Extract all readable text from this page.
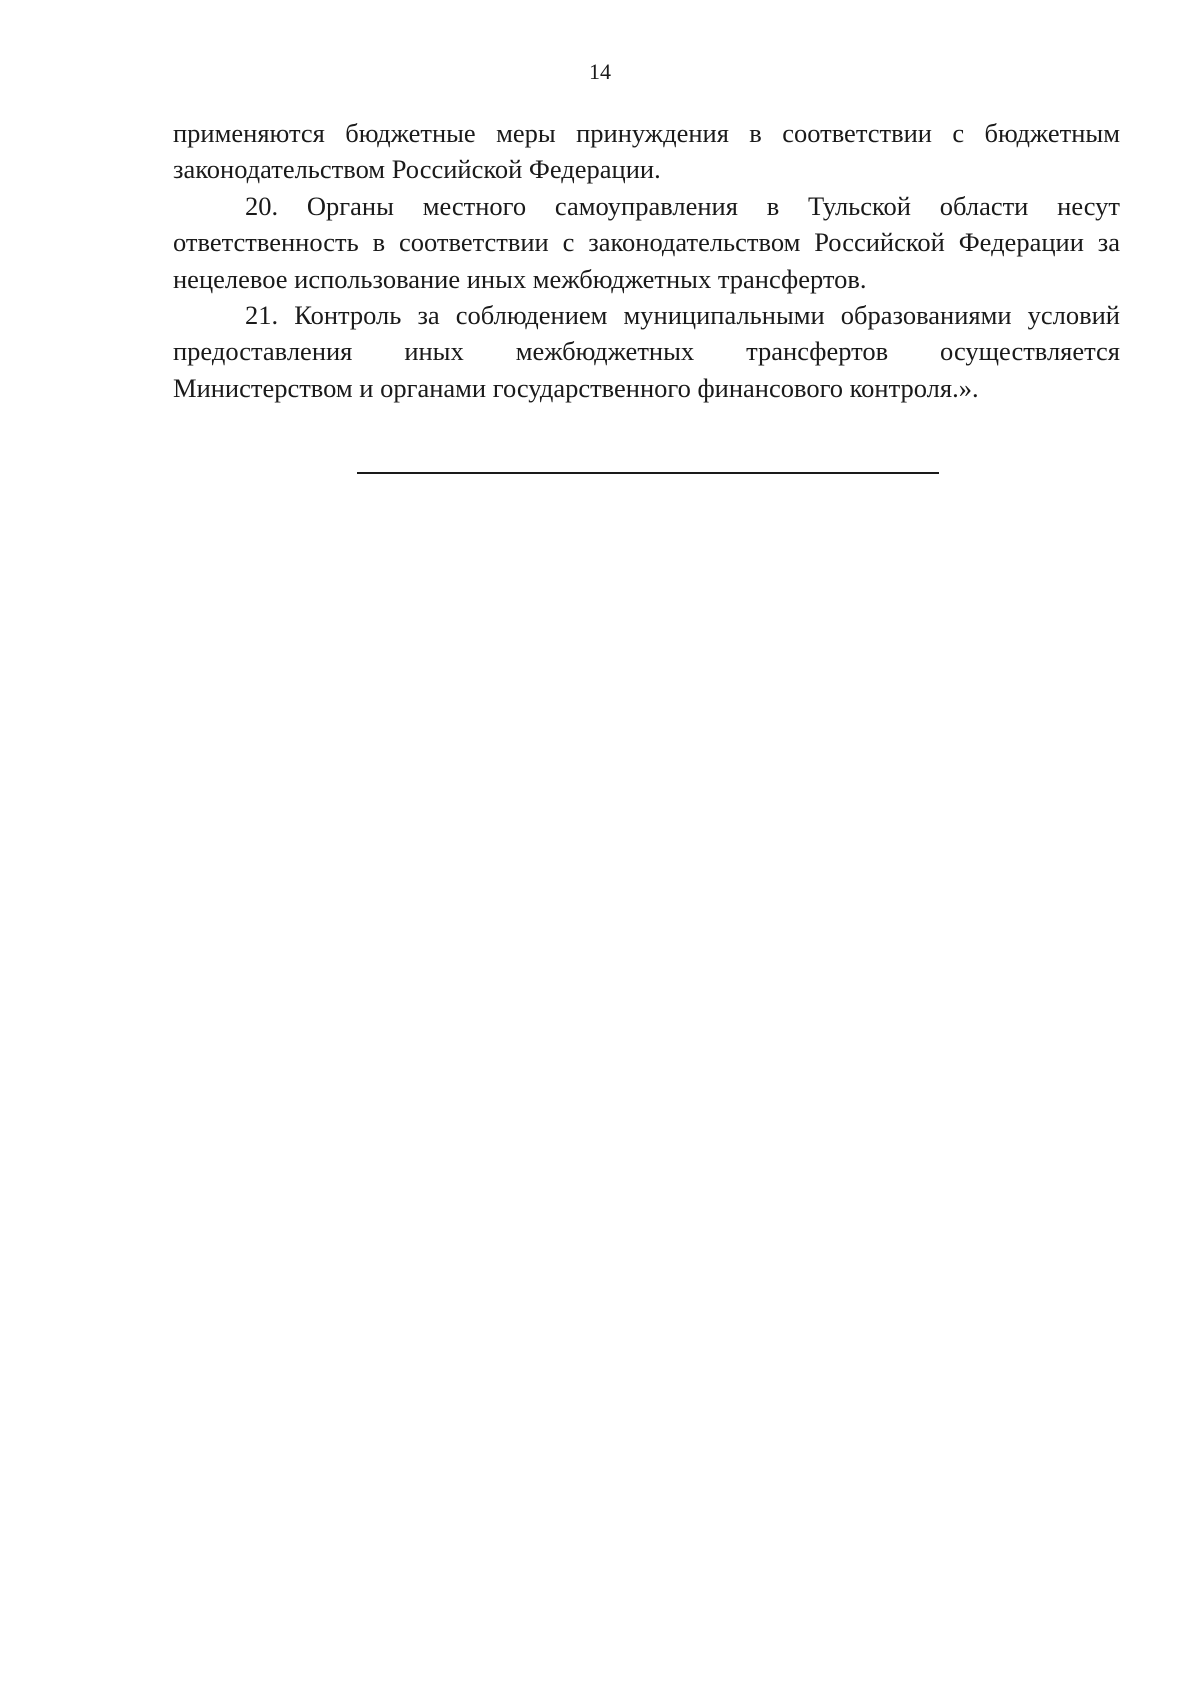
14

применяются бюджетные меры принуждения в соответствии с бюджетным законодательством Российской Федерации.

20. Органы местного самоуправления в Тульской области несут ответственность в соответствии с законодательством Российской Федерации за нецелевое использование иных межбюджетных трансфертов.

21. Контроль за соблюдением муниципальными образованиями условий предоставления иных межбюджетных трансфертов осуществляется Министерством и органами государственного финансового контроля.».
